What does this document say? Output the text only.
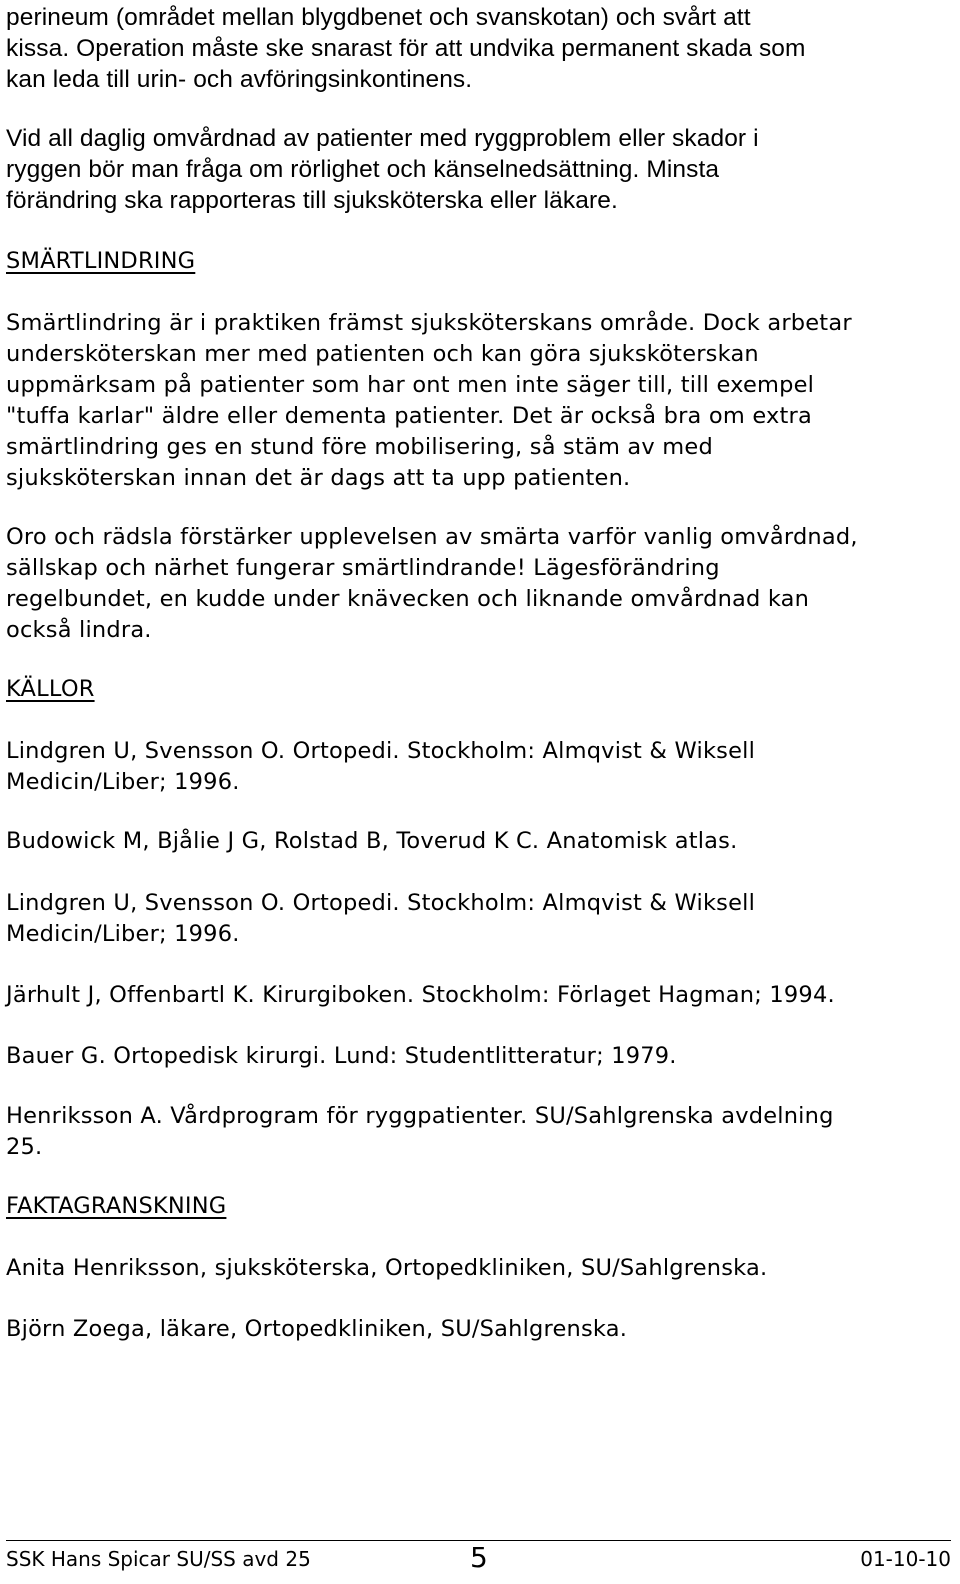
perineum (området mellan blygdbenet och svanskotan) och svårt att
kissa. Operation måste ske snarast för att undvika permanent skada som
kan leda till urin- och avföringsinkontinens.

Vid all daglig omvårdnad av patienter med ryggproblem eller skador i
ryggen bör man fråga om rörlighet och känselnedsättning. Minsta
förändring ska rapporteras till sjuksköterska eller läkare.

SMÄRTLINDRING

Smärtlindring är i praktiken främst sjuksköterskans område. Dock arbetar
undersköterskan mer med patienten och kan göra sjuksköterskan
uppmärksam på patienter som har ont men inte säger till, till exempel
"tuffa karlar" äldre eller dementa patienter. Det är också bra om extra
smärtlindring ges en stund före mobilisering, så stäm av med
sjuksköterskan innan det är dags att ta upp patienten.

Oro och rädsla förstärker upplevelsen av smärta varför vanlig omvårdnad,
sällskap och närhet fungerar smärtlindrande! Lägesförändring
regelbundet, en kudde under knävecken och liknande omvårdnad kan
också lindra.

KÄLLOR

Lindgren U, Svensson O. Ortopedi. Stockholm: Almqvist & Wiksell
Medicin/Liber; 1996.

Budowick M, Bjålie J G, Rolstad B, Toverud K C. Anatomisk atlas.

Lindgren U, Svensson O. Ortopedi. Stockholm: Almqvist & Wiksell
Medicin/Liber; 1996.

Järhult J, Offenbartl K. Kirurgiboken. Stockholm: Förlaget Hagman; 1994.

Bauer G. Ortopedisk kirurgi. Lund: Studentlitteratur; 1979.

Henriksson A. Vårdprogram för ryggpatienter. SU/Sahlgrenska avdelning
25.

FAKTAGRANSKNING

Anita Henriksson, sjuksköterska, Ortopedkliniken, SU/Sahlgrenska.

Björn Zoega, läkare, Ortopedkliniken, SU/Sahlgrenska.

SSK Hans Spicar SU/SS avd 25	5	01-10-10
